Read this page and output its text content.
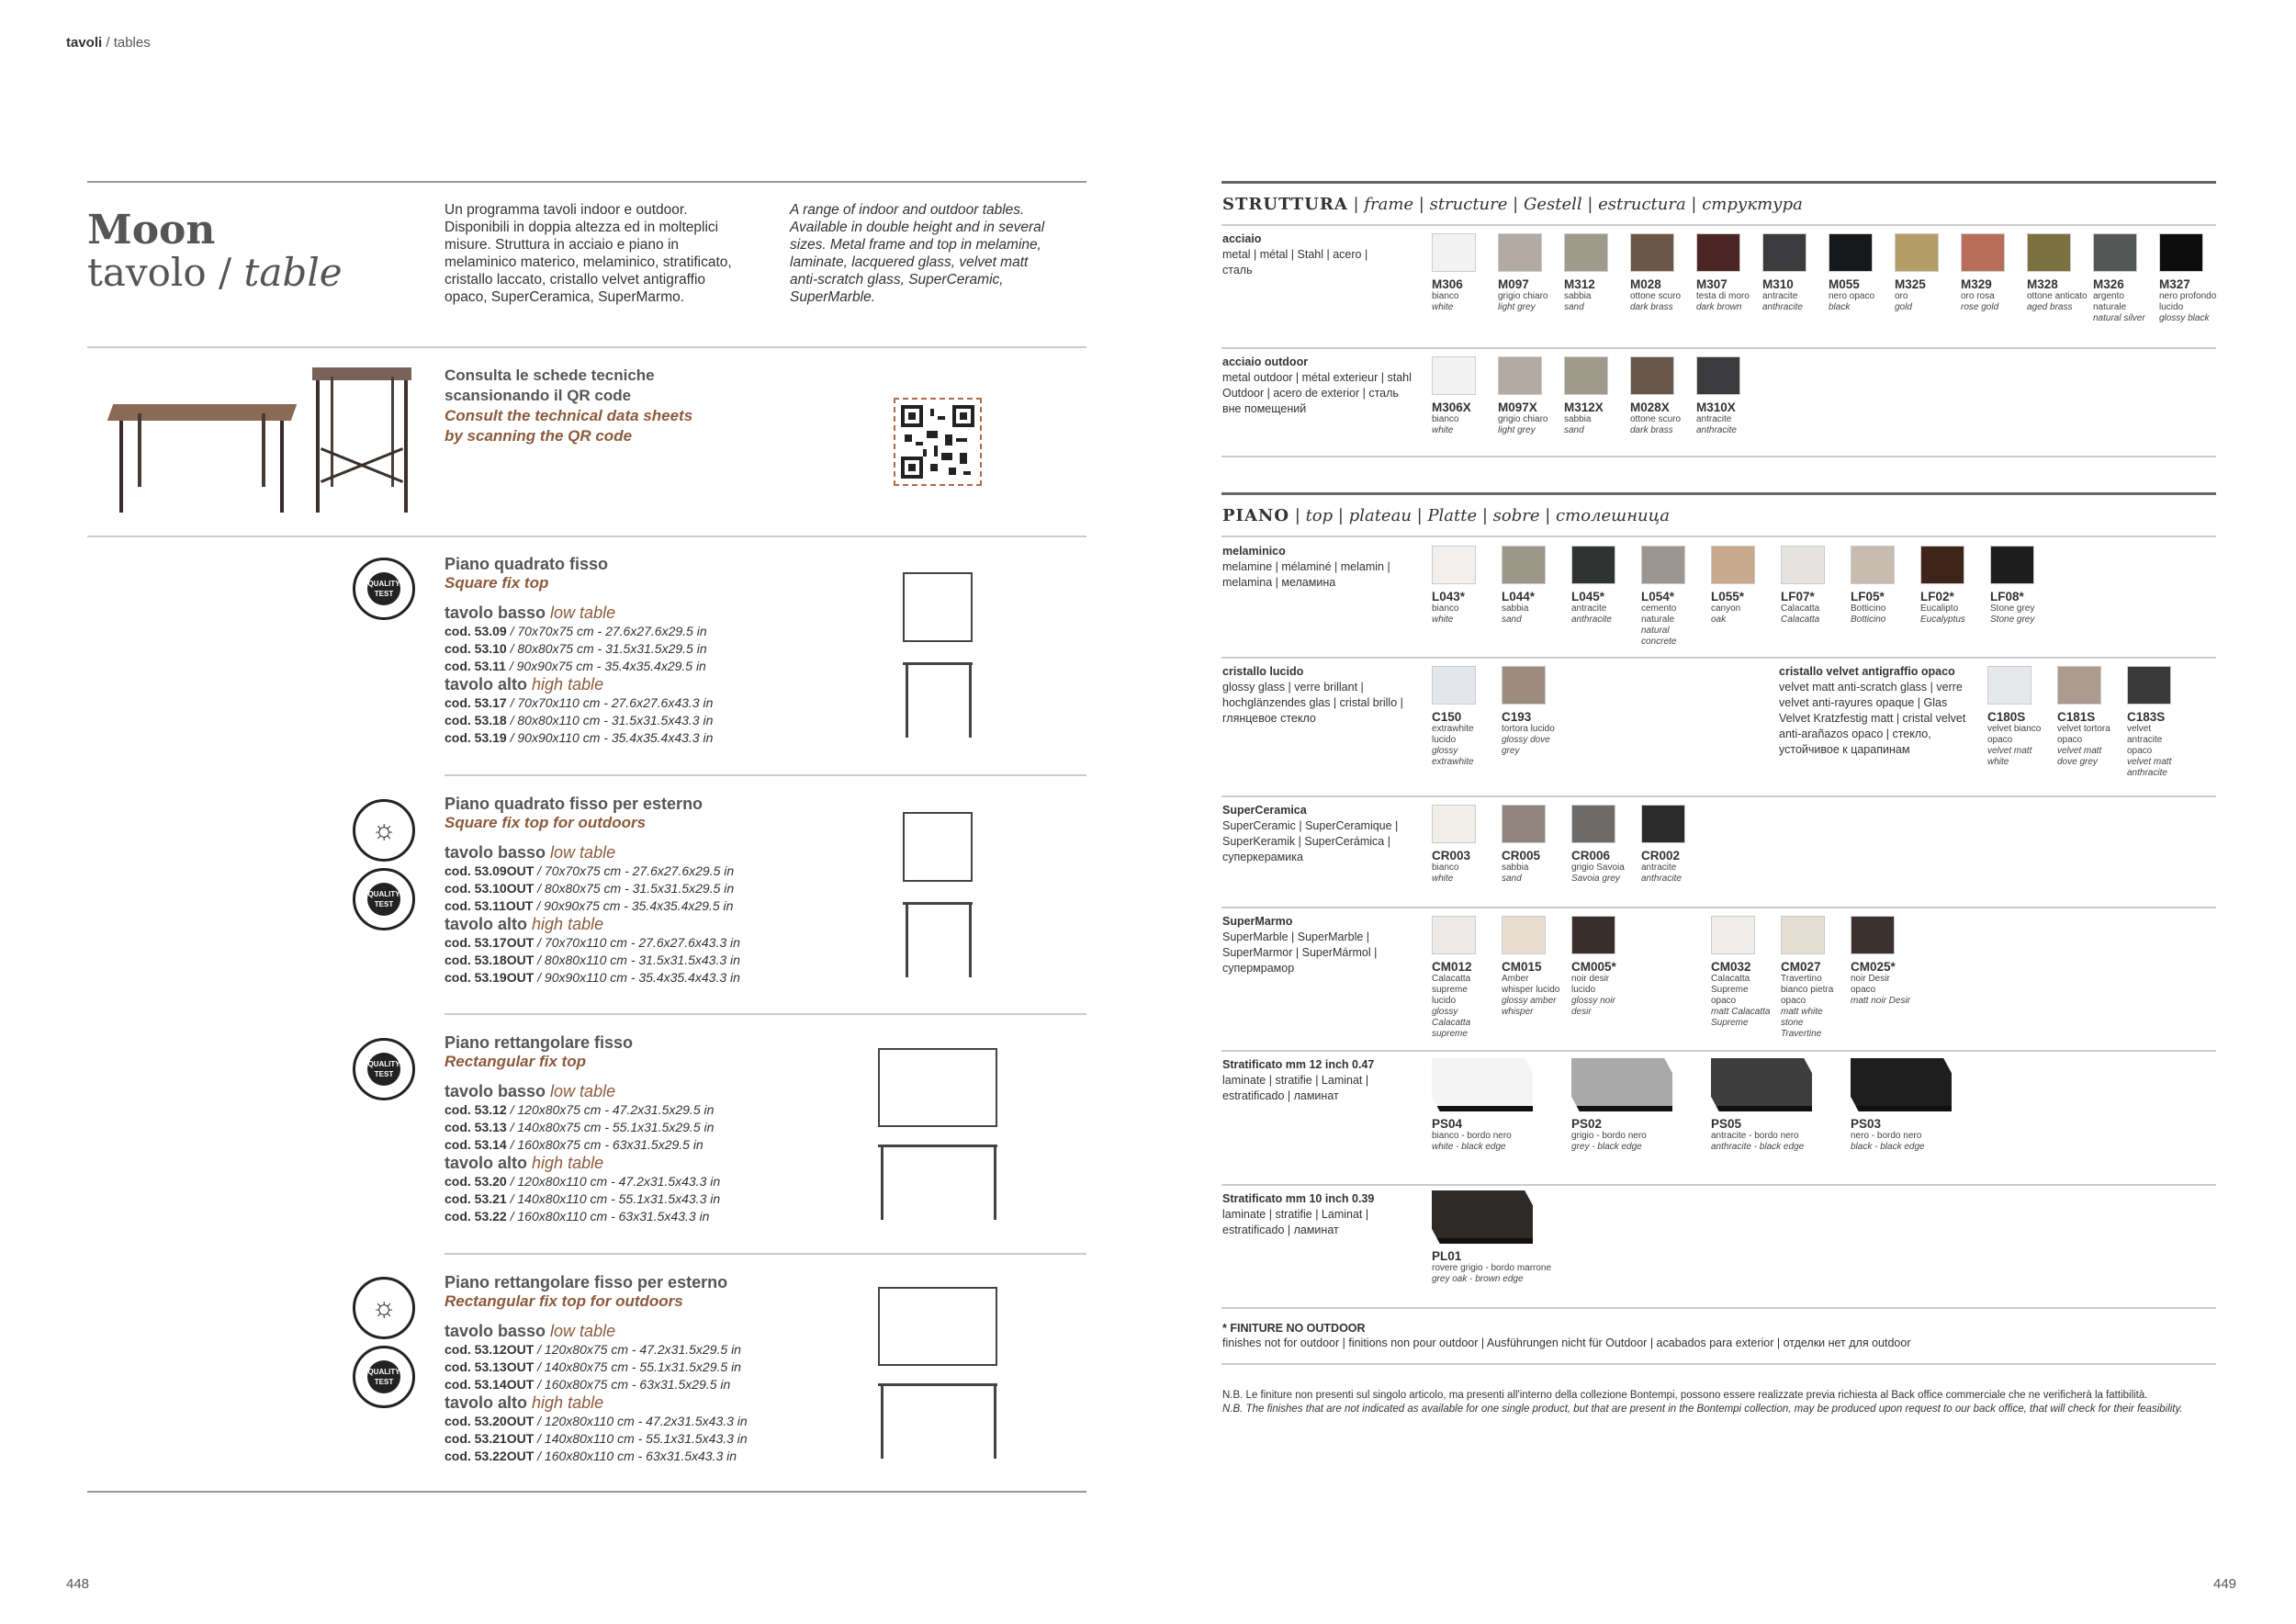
tavoli / tables
Moon
tavolo / table
Un programma tavoli indoor e outdoor. Disponibili in doppia altezza ed in molteplici misure. Struttura in acciaio e piano in melaminico materico, melaminico, stratificato, cristallo laccato, cristallo velvet antigraffio opaco, SuperCeramica, SuperMarmo.
A range of indoor and outdoor tables. Available in double height and in several sizes. Metal frame and top in melamine, laminate, lacquered glass, velvet matt anti-scratch glass, SuperCeramic, SuperMarble.
Consulta le schede tecniche
scansionando il QR code
Consult the technical data sheets
by scanning the QR code
QUALITY TEST
Piano quadrato fisso
Square fix top
tavolo basso low table
cod. 53.09 / 70x70x75 cm - 27.6x27.6x29.5 in
cod. 53.10 / 80x80x75 cm - 31.5x31.5x29.5 in
cod. 53.11 / 90x90x75 cm - 35.4x35.4x29.5 in
tavolo alto high table
cod. 53.17 / 70x70x110 cm - 27.6x27.6x43.3 in
cod. 53.18 / 80x80x110 cm - 31.5x31.5x43.3 in
cod. 53.19 / 90x90x110 cm - 35.4x35.4x43.3 in
☼
QUALITY TEST
Piano quadrato fisso per esterno
Square fix top for outdoors
tavolo basso low table
cod. 53.09OUT / 70x70x75 cm - 27.6x27.6x29.5 in
cod. 53.10OUT / 80x80x75 cm - 31.5x31.5x29.5 in
cod. 53.11OUT / 90x90x75 cm - 35.4x35.4x29.5 in
tavolo alto high table
cod. 53.17OUT / 70x70x110 cm - 27.6x27.6x43.3 in
cod. 53.18OUT / 80x80x110 cm - 31.5x31.5x43.3 in
cod. 53.19OUT / 90x90x110 cm - 35.4x35.4x43.3 in
QUALITY TEST
Piano rettangolare fisso
Rectangular fix top
tavolo basso low table
cod. 53.12 / 120x80x75 cm - 47.2x31.5x29.5 in
cod. 53.13 / 140x80x75 cm - 55.1x31.5x29.5 in
cod. 53.14 / 160x80x75 cm - 63x31.5x29.5 in
tavolo alto high table
cod. 53.20 / 120x80x110 cm - 47.2x31.5x43.3 in
cod. 53.21 / 140x80x110 cm - 55.1x31.5x43.3 in
cod. 53.22 / 160x80x110 cm - 63x31.5x43.3 in
☼
QUALITY TEST
Piano rettangolare fisso per esterno
Rectangular fix top for outdoors
tavolo basso low table
cod. 53.12OUT / 120x80x75 cm - 47.2x31.5x29.5 in
cod. 53.13OUT / 140x80x75 cm - 55.1x31.5x29.5 in
cod. 53.14OUT / 160x80x75 cm - 63x31.5x29.5 in
tavolo alto high table
cod. 53.20OUT / 120x80x110 cm - 47.2x31.5x43.3 in
cod. 53.21OUT / 140x80x110 cm - 55.1x31.5x43.3 in
cod. 53.22OUT / 160x80x110 cm - 63x31.5x43.3 in
448
STRUTTURA | frame | structure | Gestell | estructura | структура
acciaio
metal | métal | Stahl | acero | сталь
M306
bianco
white
M097
grigio chiaro
light grey
M312
sabbia
sand
M028
ottone scuro
dark brass
M307
testa di moro
dark brown
M310
antracite
anthracite
M055
nero opaco
black
M325
oro
gold
M329
oro rosa
rose gold
M328
ottone anticato
aged brass
M326
argento naturale
natural silver
M327
nero profondo lucido
glossy black
acciaio outdoor
metal outdoor | métal exterieur | stahl Outdoor | acero de exterior | сталь вне помещений	M306X
bianco
white
M097X
grigio chiaro
light grey
M312X
sabbia
sand
M028X
ottone scuro
dark brass
M310X
antracite
anthracite
PIANO | top | plateau | Platte | sobre | столешница
melaminico
melamine | mélaminé | melamin | melamina | меламина
L043*
bianco
white
L044*
sabbia
sand
L045*
antracite
anthracite
L054*
cemento naturale
natural concrete
L055*
canyon
oak
LF07*
Calacatta
Calacatta
LF05*
Botticino
Botticino
LF02*
Eucalipto
Eucalyptus
LF08*
Stone grey
Stone grey
cristallo lucido
glossy glass | verre brillant | hochglänzendes glas | cristal brillo | глянцевое стекло	C150
extrawhite lucido
glossy extrawhite
C193
tortora lucido
glossy dove grey
cristallo velvet antigraffio opaco
velvet matt anti-scratch glass | verre velvet anti-rayures opaque | Glas Velvet Kratzfestig matt | cristal velvet anti-arañazos opaco | стекло, устойчивое к царапинам
C180S
velvet bianco opaco
velvet matt white
C181S
velvet tortora opaco
velvet matt dove grey
C183S
velvet antracite opaco
velvet matt anthracite
SuperCeramica
SuperCeramic | SuperCeramique | SuperKeramik | SuperCerámica | суперкерамика	CR003
bianco
white
CR005
sabbia
sand
CR006
grigio Savoia
Savoia grey
CR002
antracite
anthracite
SuperMarmo
SuperMarble | SuperMarble | SuperMarmor | SuperMármol | супермрамор	CM012
Calacatta supreme lucido
glossy Calacatta supreme
CM015
Amber whisper lucido
glossy amber whisper
CM005*
noir desir lucido
glossy noir desir
CM032
Calacatta Supreme opaco
matt Calacatta Supreme
CM027
Travertino bianco pietra opaco
matt white stone Travertine
CM025*
noir Desir opaco
matt noir Desir
Stratificato mm 12 inch 0.47
laminate | stratifie | Laminat | estratificado | ламинат
PS04
bianco - bordo nero
white - black edge
PS02
grigio - bordo nero
grey - black edge
PS05
antracite - bordo nero
anthracite - black edge
PS03
nero - bordo nero
black - black edge
Stratificato mm 10 inch 0.39
laminate | stratifie | Laminat | estratificado | ламинат
PL01
rovere grigio - bordo marrone
grey oak - brown edge
* FINITURE NO OUTDOOR
finishes not for outdoor | finitions non pour outdoor | Ausführungen nicht für Outdoor | acabados para exterior | отделки нет для outdoor
N.B. Le finiture non presenti sul singolo articolo, ma presenti all'interno della collezione Bontempi, possono essere realizzate previa richiesta al Back office commerciale che ne verificherà la fattibilità.
N.B. The finishes that are not indicated as available for one single product, but that are present in the Bontempi collection, may be produced upon request to our back office, that will check for their feasibility.
449
